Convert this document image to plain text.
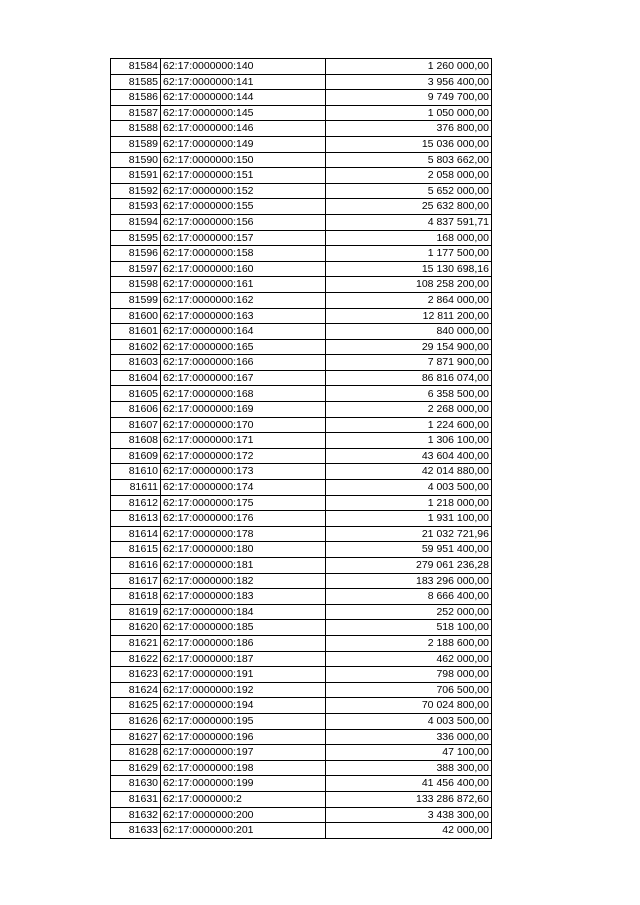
81584	62:17:0000000:140	1 260 000,00
81585	62:17:0000000:141	3 956 400,00
81586	62:17:0000000:144	9 749 700,00
81587	62:17:0000000:145	1 050 000,00
81588	62:17:0000000:146	376 800,00
81589	62:17:0000000:149	15 036 000,00
81590	62:17:0000000:150	5 803 662,00
81591	62:17:0000000:151	2 058 000,00
81592	62:17:0000000:152	5 652 000,00
81593	62:17:0000000:155	25 632 800,00
81594	62:17:0000000:156	4 837 591,71
81595	62:17:0000000:157	168 000,00
81596	62:17:0000000:158	1 177 500,00
81597	62:17:0000000:160	15 130 698,16
81598	62:17:0000000:161	108 258 200,00
81599	62:17:0000000:162	2 864 000,00
81600	62:17:0000000:163	12 811 200,00
81601	62:17:0000000:164	840 000,00
81602	62:17:0000000:165	29 154 900,00
81603	62:17:0000000:166	7 871 900,00
81604	62:17:0000000:167	86 816 074,00
81605	62:17:0000000:168	6 358 500,00
81606	62:17:0000000:169	2 268 000,00
81607	62:17:0000000:170	1 224 600,00
81608	62:17:0000000:171	1 306 100,00
81609	62:17:0000000:172	43 604 400,00
81610	62:17:0000000:173	42 014 880,00
81611	62:17:0000000:174	4 003 500,00
81612	62:17:0000000:175	1 218 000,00
81613	62:17:0000000:176	1 931 100,00
81614	62:17:0000000:178	21 032 721,96
81615	62:17:0000000:180	59 951 400,00
81616	62:17:0000000:181	279 061 236,28
81617	62:17:0000000:182	183 296 000,00
81618	62:17:0000000:183	8 666 400,00
81619	62:17:0000000:184	252 000,00
81620	62:17:0000000:185	518 100,00
81621	62:17:0000000:186	2 188 600,00
81622	62:17:0000000:187	462 000,00
81623	62:17:0000000:191	798 000,00
81624	62:17:0000000:192	706 500,00
81625	62:17:0000000:194	70 024 800,00
81626	62:17:0000000:195	4 003 500,00
81627	62:17:0000000:196	336 000,00
81628	62:17:0000000:197	47 100,00
81629	62:17:0000000:198	388 300,00
81630	62:17:0000000:199	41 456 400,00
81631	62:17:0000000:2	133 286 872,60
81632	62:17:0000000:200	3 438 300,00
81633	62:17:0000000:201	42 000,00
